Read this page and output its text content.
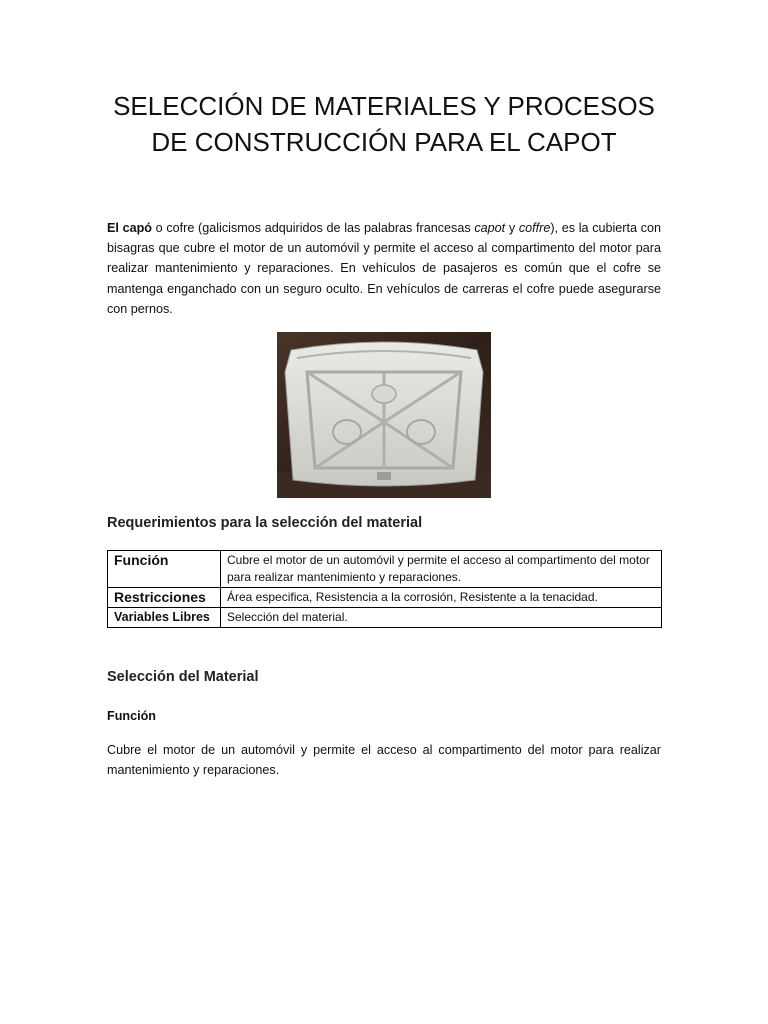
SELECCIÓN DE MATERIALES Y PROCESOS
DE CONSTRUCCIÓN PARA EL CAPOT

El capó o cofre (galicismos adquiridos de las palabras francesas capot y coffre), es la cubierta con bisagras que cubre el motor de un automóvil y permite el acceso al compartimento del motor para realizar mantenimiento y reparaciones. En vehículos de pasajeros es común que el cofre se mantenga enganchado con un seguro oculto. En vehículos de carreras el cofre puede asegurarse con pernos.

Requerimientos para la selección del material
Función	Cubre el motor de un automóvil y permite el acceso al compartimento del motor para realizar mantenimiento y reparaciones.
Restricciones	Área especifica, Resistencia a la corrosión, Resistente a la tenacidad.
Variables Libres	Selección del material.
Selección del Material
Función

Cubre el motor de un automóvil y permite el acceso al compartimento del motor para realizar mantenimiento y reparaciones.
